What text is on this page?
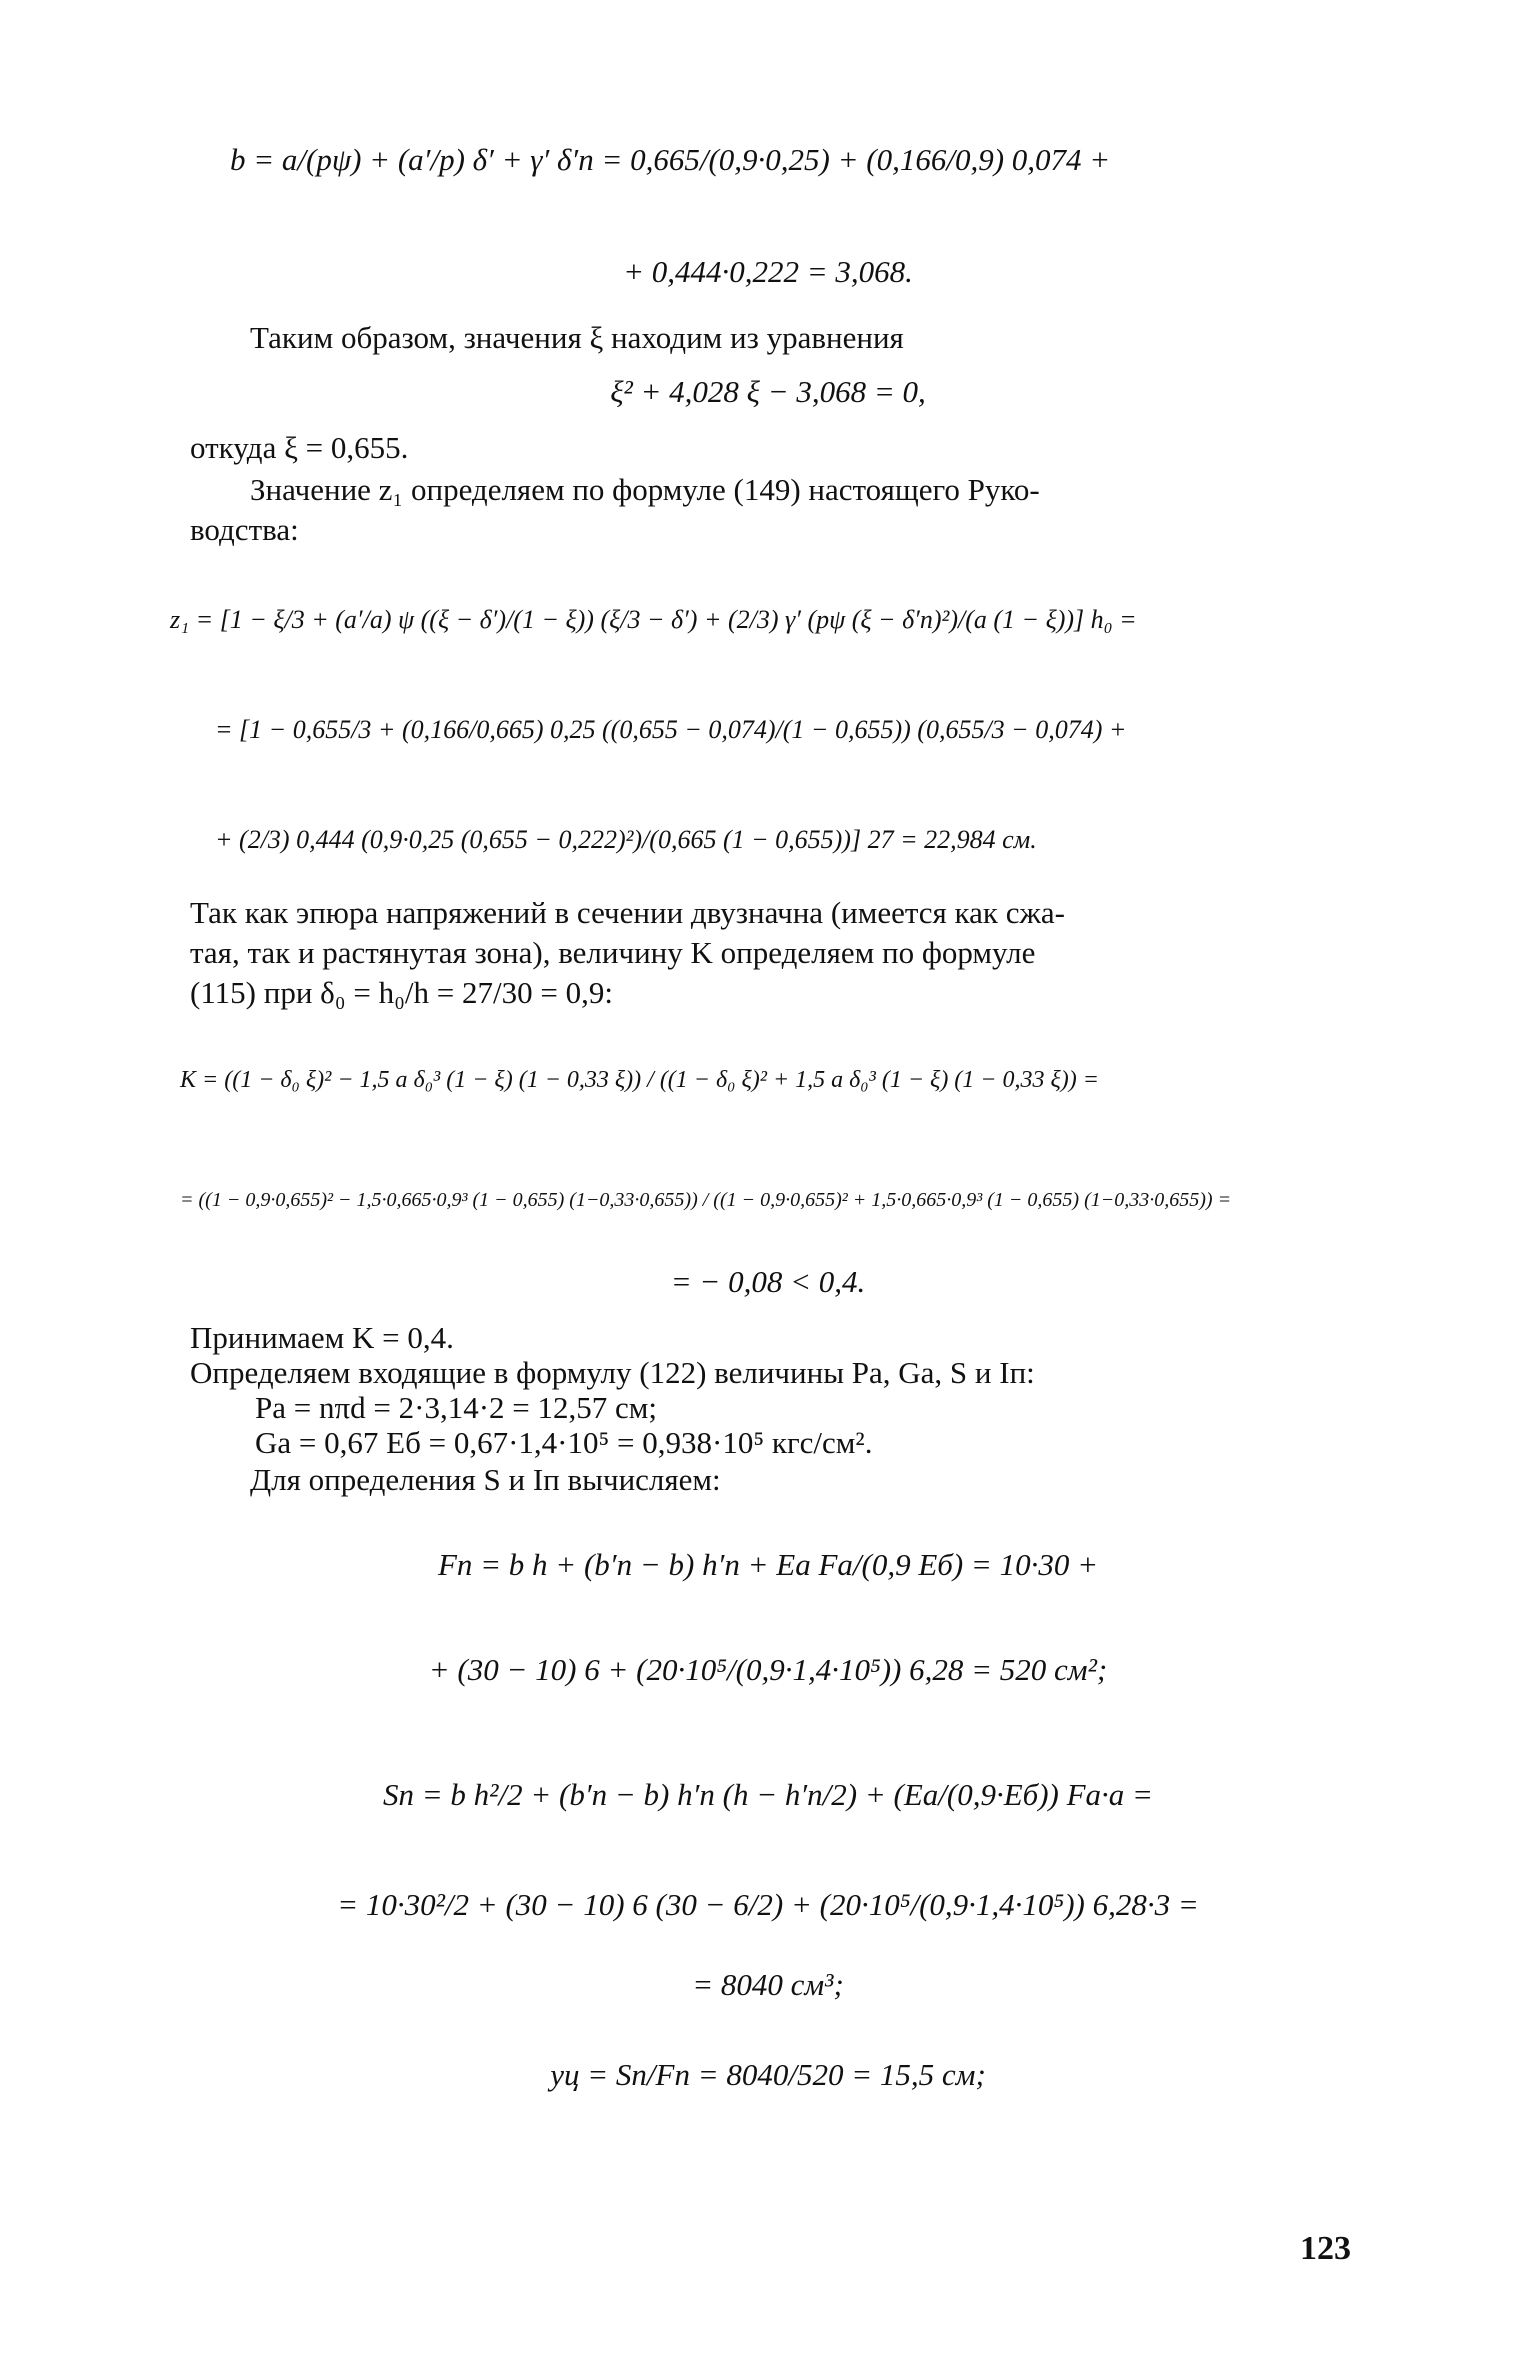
b = a/(pψ) + (a′/p) δ′ + γ′ δ′п = 0,665/(0,9·0,25) + (0,166/0,9) 0,074 +
+ 0,444·0,222 = 3,068.
Таким образом, значения ξ находим из уравнения
ξ² + 4,028 ξ − 3,068 = 0,
откуда ξ = 0,655.
Значение z₁ определяем по формуле (149) настоящего Руко-
водства:
z₁ = [1 − ξ/3 + (a′/a) ψ ((ξ − δ′)/(1 − ξ)) (ξ/3 − δ′) + (2/3) γ′ (pψ (ξ − δ′п)²)/(a (1 − ξ))] h₀ =
= [1 − 0,655/3 + (0,166/0,665) 0,25 ((0,655 − 0,074)/(1 − 0,655)) (0,655/3 − 0,074) +
+ (2/3) 0,444 (0,9·0,25 (0,655 − 0,222)²)/(0,665 (1 − 0,655))] 27 = 22,984 см.
Так как эпюра напряжений в сечении двузначна (имеется как сжа-
тая, так и растянутая зона), величину K определяем по формуле
(115) при δ₀ = h₀/h = 27/30 = 0,9:
K = ((1 − δ₀ ξ)² − 1,5 a δ₀³ (1 − ξ) (1 − 0,33 ξ)) / ((1 − δ₀ ξ)² + 1,5 a δ₀³ (1 − ξ) (1 − 0,33 ξ)) =
= ((1 − 0,9·0,655)² − 1,5·0,665·0,9³ (1 − 0,655) (1−0,33·0,655)) / ((1 − 0,9·0,655)² + 1,5·0,665·0,9³ (1 − 0,655) (1−0,33·0,655)) =
= − 0,08 < 0,4.
Принимаем K = 0,4.
Определяем входящие в формулу (122) величины Pа, Gа, S и Iп:
Pа = nπd = 2·3,14·2 = 12,57 см;
Gа = 0,67 Eб = 0,67·1,4·10⁵ = 0,938·10⁵ кгс/см².
Для определения S и Iп вычисляем:
Fп = b h + (b′п − b) h′п + Eа Fа/(0,9 Eб) = 10·30 +
+ (30 − 10) 6 + (20·10⁵/(0,9·1,4·10⁵)) 6,28 = 520 см²;
Sп = b h²/2 + (b′п − b) h′п (h − h′п/2) + (Eа/(0,9·Eб)) Fа·a =
= 10·30²/2 + (30 − 10) 6 (30 − 6/2) + (20·10⁵/(0,9·1,4·10⁵)) 6,28·3 =
= 8040 см³;
yц = Sп/Fп = 8040/520 = 15,5 см;
123
